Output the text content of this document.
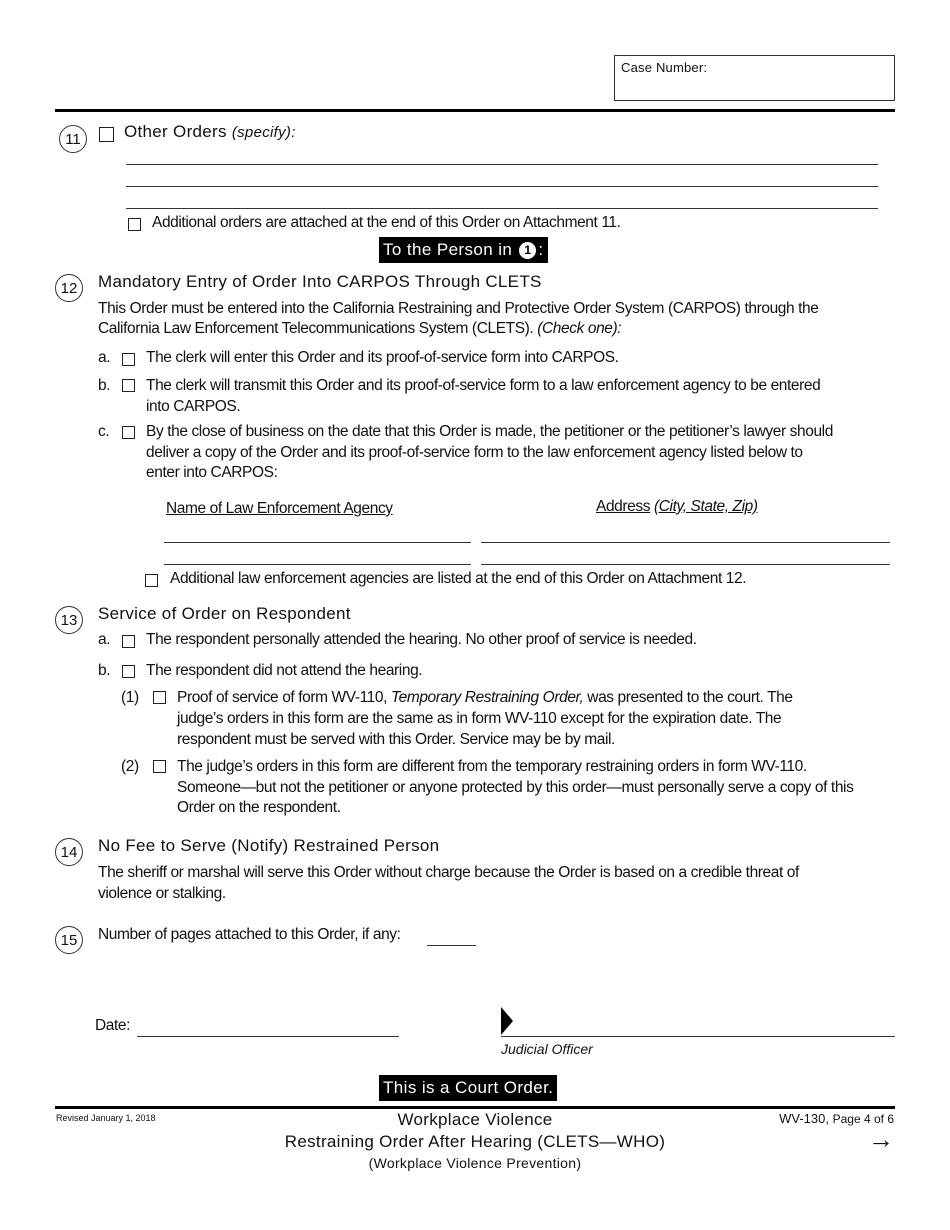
Case Number:
11	Other Orders (specify):
Additional orders are attached at the end of this Order on Attachment 11.
To the Person in 1 :
12	Mandatory Entry of Order Into CARPOS Through CLETS
This Order must be entered into the California Restraining and Protective Order System (CARPOS) through the
California Law Enforcement Telecommunications System (CLETS). (Check one):
a. The clerk will enter this Order and its proof-of-service form into CARPOS.
b. The clerk will transmit this Order and its proof-of-service form to a law enforcement agency to be entered
into CARPOS.
c. By the close of business on the date that this Order is made, the petitioner or the petitioner’s lawyer should
deliver a copy of the Order and its proof-of-service form to the law enforcement agency listed below to
enter into CARPOS:
Name of Law Enforcement Agency	Address (City, State, Zip)
Additional law enforcement agencies are listed at the end of this Order on Attachment 12.
13	Service of Order on Respondent
a. The respondent personally attended the hearing. No other proof of service is needed.
b. The respondent did not attend the hearing.
(1) Proof of service of form WV-110, Temporary Restraining Order, was presented to the court. The
judge’s orders in this form are the same as in form WV-110 except for the expiration date. The
respondent must be served with this Order. Service may be by mail.
(2) The judge’s orders in this form are different from the temporary restraining orders in form WV-110.
Someone—but not the petitioner or anyone protected by this order—must personally serve a copy of this
Order on the respondent.
14	No Fee to Serve (Notify) Restrained Person
The sheriff or marshal will serve this Order without charge because the Order is based on a credible threat of
violence or stalking.
15	Number of pages attached to this Order, if any:
Date:
Judicial Officer
This is a Court Order.
Revised January 1, 2018	Workplace Violence
Restraining Order After Hearing (CLETS—WHO)
(Workplace Violence Prevention)
WV-130, Page 4 of 6
→
